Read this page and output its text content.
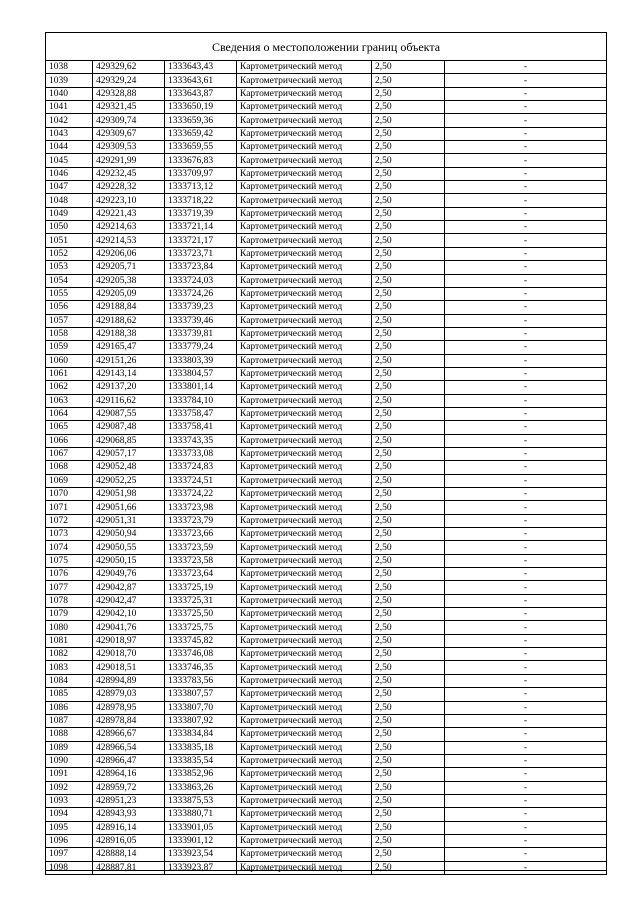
Сведения о местоположении границ объекта
1038	429329,62	1333643,43	Картометрический метод	2,50	-
1039	429329,24	1333643,61	Картометрический метод	2,50	-
1040	429328,88	1333643,87	Картометрический метод	2,50	-
1041	429321,45	1333650,19	Картометрический метод	2,50	-
1042	429309,74	1333659,36	Картометрический метод	2,50	-
1043	429309,67	1333659,42	Картометрический метод	2,50	-
1044	429309,53	1333659,55	Картометрический метод	2,50	-
1045	429291,99	1333676,83	Картометрический метод	2,50	-
1046	429232,45	1333709,97	Картометрический метод	2,50	-
1047	429228,32	1333713,12	Картометрический метод	2,50	-
1048	429223,10	1333718,22	Картометрический метод	2,50	-
1049	429221,43	1333719,39	Картометрический метод	2,50	-
1050	429214,63	1333721,14	Картометрический метод	2,50	-
1051	429214,53	1333721,17	Картометрический метод	2,50	-
1052	429206,06	1333723,71	Картометрический метод	2,50	-
1053	429205,71	1333723,84	Картометрический метод	2,50	-
1054	429205,38	1333724,03	Картометрический метод	2,50	-
1055	429205,09	1333724,26	Картометрический метод	2,50	-
1056	429188,84	1333739,23	Картометрический метод	2,50	-
1057	429188,62	1333739,46	Картометрический метод	2,50	-
1058	429188,38	1333739,81	Картометрический метод	2,50	-
1059	429165,47	1333779,24	Картометрический метод	2,50	-
1060	429151,26	1333803,39	Картометрический метод	2,50	-
1061	429143,14	1333804,57	Картометрический метод	2,50	-
1062	429137,20	1333801,14	Картометрический метод	2,50	-
1063	429116,62	1333784,10	Картометрический метод	2,50	-
1064	429087,55	1333758,47	Картометрический метод	2,50	-
1065	429087,48	1333758,41	Картометрический метод	2,50	-
1066	429068,85	1333743,35	Картометрический метод	2,50	-
1067	429057,17	1333733,08	Картометрический метод	2,50	-
1068	429052,48	1333724,83	Картометрический метод	2,50	-
1069	429052,25	1333724,51	Картометрический метод	2,50	-
1070	429051,98	1333724,22	Картометрический метод	2,50	-
1071	429051,66	1333723,98	Картометрический метод	2,50	-
1072	429051,31	1333723,79	Картометрический метод	2,50	-
1073	429050,94	1333723,66	Картометрический метод	2,50	-
1074	429050,55	1333723,59	Картометрический метод	2,50	-
1075	429050,15	1333723,58	Картометрический метод	2,50	-
1076	429049,76	1333723,64	Картометрический метод	2,50	-
1077	429042,87	1333725,19	Картометрический метод	2,50	-
1078	429042,47	1333725,31	Картометрический метод	2,50	-
1079	429042,10	1333725,50	Картометрический метод	2,50	-
1080	429041,76	1333725,75	Картометрический метод	2,50	-
1081	429018,97	1333745,82	Картометрический метод	2,50	-
1082	429018,70	1333746,08	Картометрический метод	2,50	-
1083	429018,51	1333746,35	Картометрический метод	2,50	-
1084	428994,89	1333783,56	Картометрический метод	2,50	-
1085	428979,03	1333807,57	Картометрический метод	2,50	-
1086	428978,95	1333807,70	Картометрический метод	2,50	-
1087	428978,84	1333807,92	Картометрический метод	2,50	-
1088	428966,67	1333834,84	Картометрический метод	2,50	-
1089	428966,54	1333835,18	Картометрический метод	2,50	-
1090	428966,47	1333835,54	Картометрический метод	2,50	-
1091	428964,16	1333852,96	Картометрический метод	2,50	-
1092	428959,72	1333863,26	Картометрический метод	2,50	-
1093	428951,23	1333875,53	Картометрический метод	2,50	-
1094	428943,93	1333880,71	Картометрический метод	2,50	-
1095	428916,14	1333901,05	Картометрический метод	2,50	-
1096	428916,05	1333901,12	Картометрический метод	2,50	-
1097	428888,14	1333923,54	Картометрический метод	2,50	-
1098	428887,81	1333923,87	Картометрический метод	2,50	-
